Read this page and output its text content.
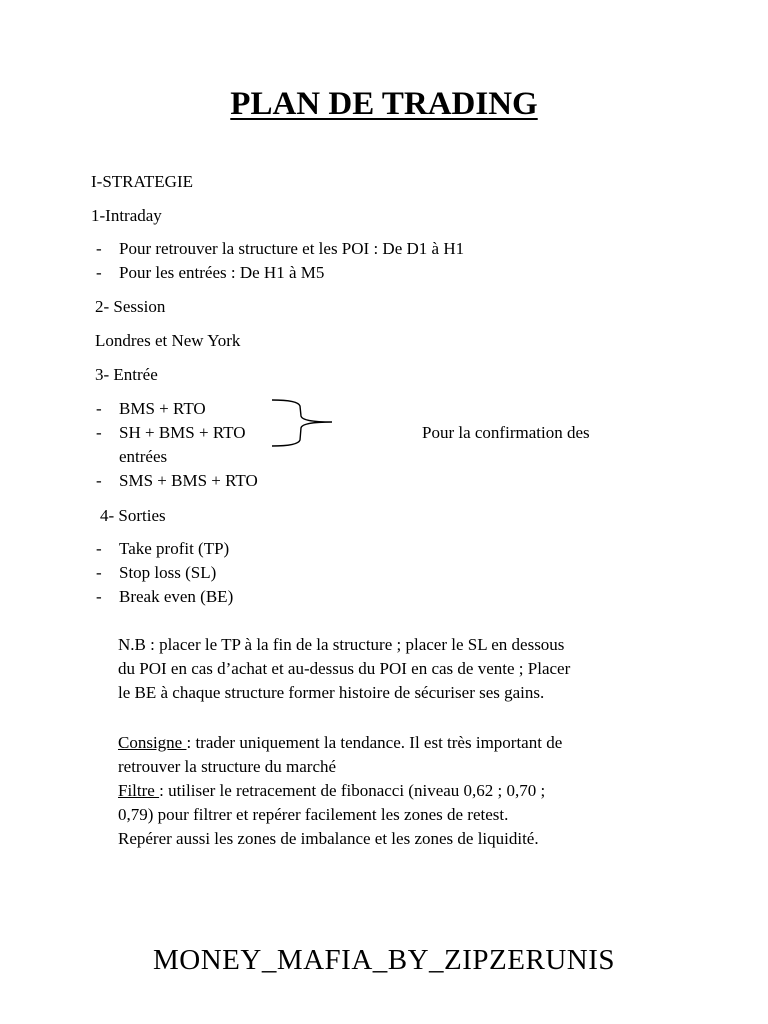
PLAN DE TRADING
I-STRATEGIE
1-Intraday
- Pour retrouver la structure et les POI : De D1 à H1
- Pour les entrées : De H1 à M5
2- Session
Londres et New York
3- Entrée
- BMS + RTO
- SH + BMS + RTO
entrées
- SMS + BMS + RTO
Pour la confirmation des
4- Sorties
- Take profit (TP)
- Stop loss (SL)
- Break even (BE)
N.B : placer le TP à la fin de la structure ; placer le SL en dessous
du POI en cas d’achat et au-dessus du POI en cas de vente ; Placer
le BE à chaque structure former histoire de sécuriser ses gains.
Consigne : trader uniquement la tendance. Il est très important de
retrouver la structure du marché
Filtre : utiliser le retracement de fibonacci (niveau 0,62 ; 0,70 ;
0,79) pour filtrer et repérer facilement les zones de retest.
Repérer aussi les zones de imbalance et les zones de liquidité.
MONEY_MAFIA_BY_ZIPZERUNIS
